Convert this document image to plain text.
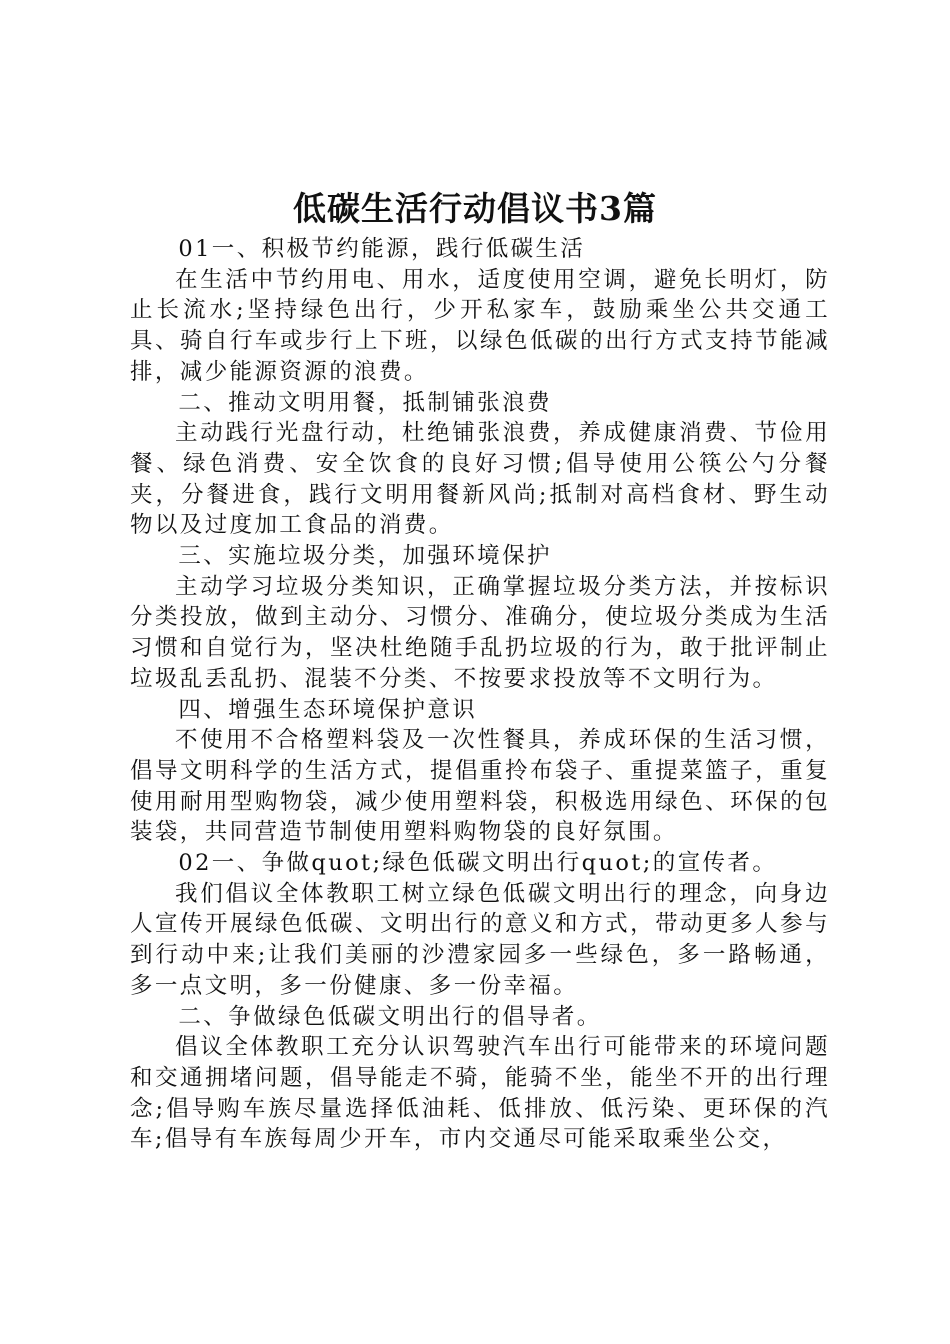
低碳生活行动倡议书3篇

01一、积极节约能源，践行低碳生活

在生活中节约用电、用水，适度使用空调，避免长明灯，防止长流水;坚持绿色出行，少开私家车，鼓励乘坐公共交通工具、骑自行车或步行上下班，以绿色低碳的出行方式支持节能减排，减少能源资源的浪费。

二、推动文明用餐，抵制铺张浪费

主动践行光盘行动，杜绝铺张浪费，养成健康消费、节俭用餐、绿色消费、安全饮食的良好习惯;倡导使用公筷公勺分餐夹，分餐进食，践行文明用餐新风尚;抵制对高档食材、野生动物以及过度加工食品的消费。

三、实施垃圾分类，加强环境保护

主动学习垃圾分类知识，正确掌握垃圾分类方法，并按标识分类投放，做到主动分、习惯分、准确分，使垃圾分类成为生活习惯和自觉行为，坚决杜绝随手乱扔垃圾的行为，敢于批评制止垃圾乱丢乱扔、混装不分类、不按要求投放等不文明行为。

四、增强生态环境保护意识

不使用不合格塑料袋及一次性餐具，养成环保的生活习惯，倡导文明科学的生活方式，提倡重拎布袋子、重提菜篮子，重复使用耐用型购物袋，减少使用塑料袋，积极选用绿色、环保的包装袋，共同营造节制使用塑料购物袋的良好氛围。

02一、争做quot;绿色低碳文明出行quot;的宣传者。

我们倡议全体教职工树立绿色低碳文明出行的理念，向身边人宣传开展绿色低碳、文明出行的意义和方式，带动更多人参与到行动中来;让我们美丽的沙澧家园多一些绿色，多一路畅通，多一点文明，多一份健康、多一份幸福。

二、争做绿色低碳文明出行的倡导者。

倡议全体教职工充分认识驾驶汽车出行可能带来的环境问题和交通拥堵问题，倡导能走不骑，能骑不坐，能坐不开的出行理念;倡导购车族尽量选择低油耗、低排放、低污染、更环保的汽车;倡导有车族每周少开车，市内交通尽可能采取乘坐公交，
